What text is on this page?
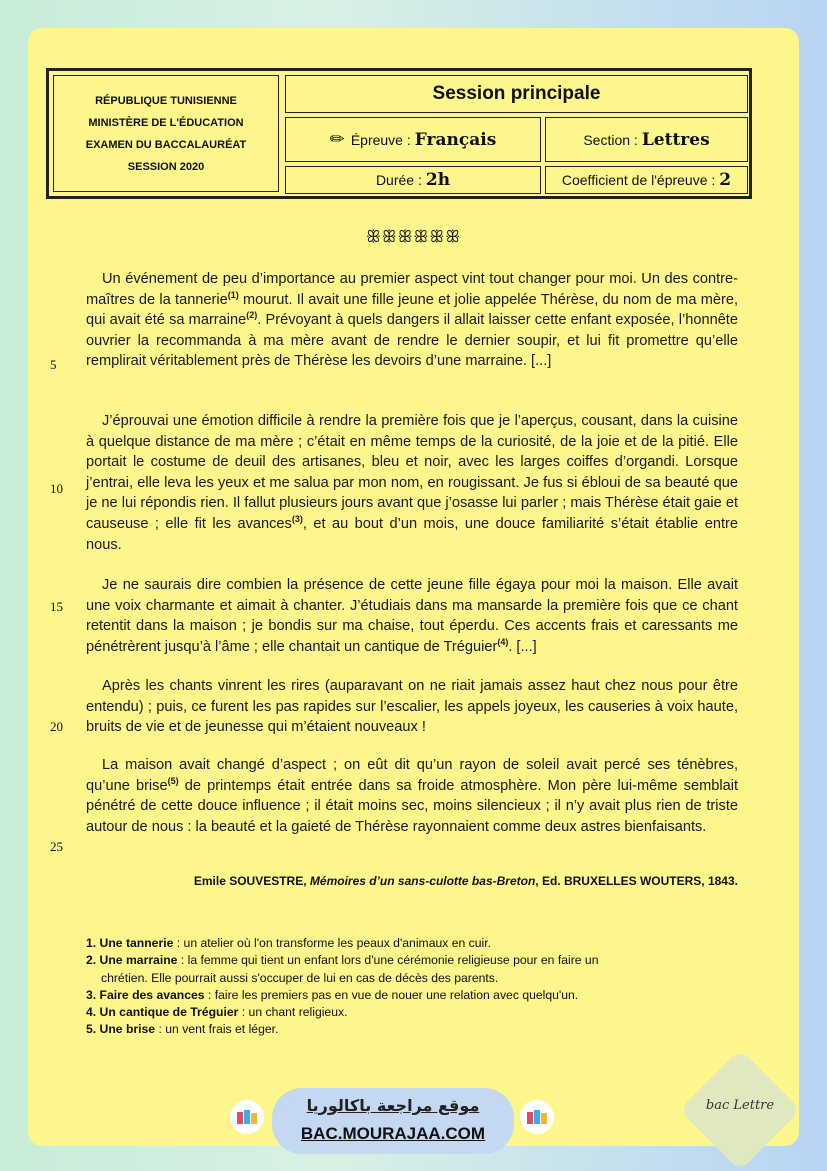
RÉPUBLIQUE TUNISIENNE
MINISTÈRE DE L'ÉDUCATION
EXAMEN DU BACCALAURÉAT
SESSION 2020
Session principale
✏ Épreuve : Français	Section : Lettres
Durée : 2h	Coefficient de l'épreuve : 2
ꕥꕥꕥꕥꕥꕥ

Un événement de peu d’importance au premier aspect vint tout changer pour moi. Un des contre-maîtres de la tannerie$^{(1)}$ mourut. Il avait une fille jeune et jolie appelée Thérèse, du nom de ma mère, qui avait été sa marraine$^{(2)}$. Prévoyant à quels dangers il allait laisser cette enfant exposée, l’honnête ouvrier la recommanda à ma mère avant de rendre le dernier soupir, et lui fit promettre qu’elle remplirait véritablement près de Thérèse les devoirs d’une marraine. [...]

J’éprouvai une émotion difficile à rendre la première fois que je l’aperçus, cousant, dans la cuisine à quelque distance de ma mère ; c’était en même temps de la curiosité, de la joie et de la pitié. Elle portait le costume de deuil des artisanes, bleu et noir, avec les larges coiffes d’organdi. Lorsque j’entrai, elle leva les yeux et me salua par mon nom, en rougissant. Je fus si ébloui de sa beauté que je ne lui répondis rien. Il fallut plusieurs jours avant que j’osasse lui parler ; mais Thérèse était gaie et causeuse ; elle fit les avances$^{(3)}$, et au bout d’un mois, une douce familiarité s’était établie entre nous.

Je ne saurais dire combien la présence de cette jeune fille égaya pour moi la maison. Elle avait une voix charmante et aimait à chanter. J’étudiais dans ma mansarde la première fois que ce chant retentit dans la maison ; je bondis sur ma chaise, tout éperdu. Ces accents frais et caressants me pénétrèrent jusqu’à l’âme ; elle chantait un cantique de Tréguier$^{(4)}$. [...]

Après les chants vinrent les rires (auparavant on ne riait jamais assez haut chez nous pour être entendu) ; puis, ce furent les pas rapides sur l’escalier, les appels joyeux, les causeries à voix haute, bruits de vie et de jeunesse qui m’étaient nouveaux !

La maison avait changé d’aspect ; on eût dit qu’un rayon de soleil avait percé ses ténèbres, qu’une brise$^{(5)}$ de printemps était entrée dans sa froide atmosphère. Mon père lui-même semblait pénétré de cette douce influence ; il était moins sec, moins silencieux ; il n’y avait plus rien de triste autour de nous : la beauté et la gaieté de Thérèse rayonnaient comme deux astres bienfaisants.

5
10
15
20
25
Emile SOUVESTRE, Mémoires d’un sans-culotte bas-Breton, Ed. BRUXELLES WOUTERS, 1843.

1. Une tannerie : un atelier où l'on transforme les peaux d'animaux en cuir.

2. Une marraine : la femme qui tient un enfant lors d'une cérémonie religieuse pour en faire un

chrétien. Elle pourrait aussi s'occuper de lui en cas de décès des parents.

3. Faire des avances : faire les premiers pas en vue de nouer une relation avec quelqu'un.

4. Un cantique de Tréguier : un chant religieux.

5. Une brise : un vent frais et léger.

موقع مراجعة باكالوريا
BAC.MOURAJAA.COM
bac Lettre
